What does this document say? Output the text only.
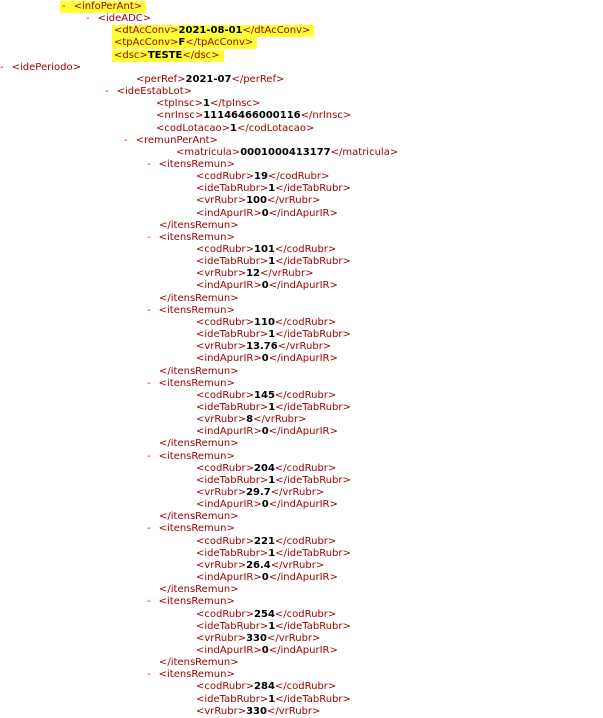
- <infoPerAnt>
- <ideADC>
<dtAcConv>2021-08-01</dtAcConv>
<tpAcConv>F</tpAcConv>
<dsc>TESTE</dsc>
- <idePeriodo>
<perRef>2021-07</perRef>
- <ideEstabLot>
<tpInsc>1</tpInsc>
<nrInsc>11146466000116</nrInsc>
<codLotacao>1</codLotacao>
- <remunPerAnt>
<matricula>0001000413177</matricula>
- <itensRemun>
<codRubr>19</codRubr>
<ideTabRubr>1</ideTabRubr>
<vrRubr>100</vrRubr>
<indApurIR>0</indApurIR>
</itensRemun>
- <itensRemun>
<codRubr>101</codRubr>
<ideTabRubr>1</ideTabRubr>
<vrRubr>12</vrRubr>
<indApurIR>0</indApurIR>
</itensRemun>
- <itensRemun>
<codRubr>110</codRubr>
<ideTabRubr>1</ideTabRubr>
<vrRubr>13.76</vrRubr>
<indApurIR>0</indApurIR>
</itensRemun>
- <itensRemun>
<codRubr>145</codRubr>
<ideTabRubr>1</ideTabRubr>
<vrRubr>8</vrRubr>
<indApurIR>0</indApurIR>
</itensRemun>
- <itensRemun>
<codRubr>204</codRubr>
<ideTabRubr>1</ideTabRubr>
<vrRubr>29.7</vrRubr>
<indApurIR>0</indApurIR>
</itensRemun>
- <itensRemun>
<codRubr>221</codRubr>
<ideTabRubr>1</ideTabRubr>
<vrRubr>26.4</vrRubr>
<indApurIR>0</indApurIR>
</itensRemun>
- <itensRemun>
<codRubr>254</codRubr>
<ideTabRubr>1</ideTabRubr>
<vrRubr>330</vrRubr>
<indApurIR>0</indApurIR>
</itensRemun>
- <itensRemun>
<codRubr>284</codRubr>
<ideTabRubr>1</ideTabRubr>
<vrRubr>330</vrRubr>
